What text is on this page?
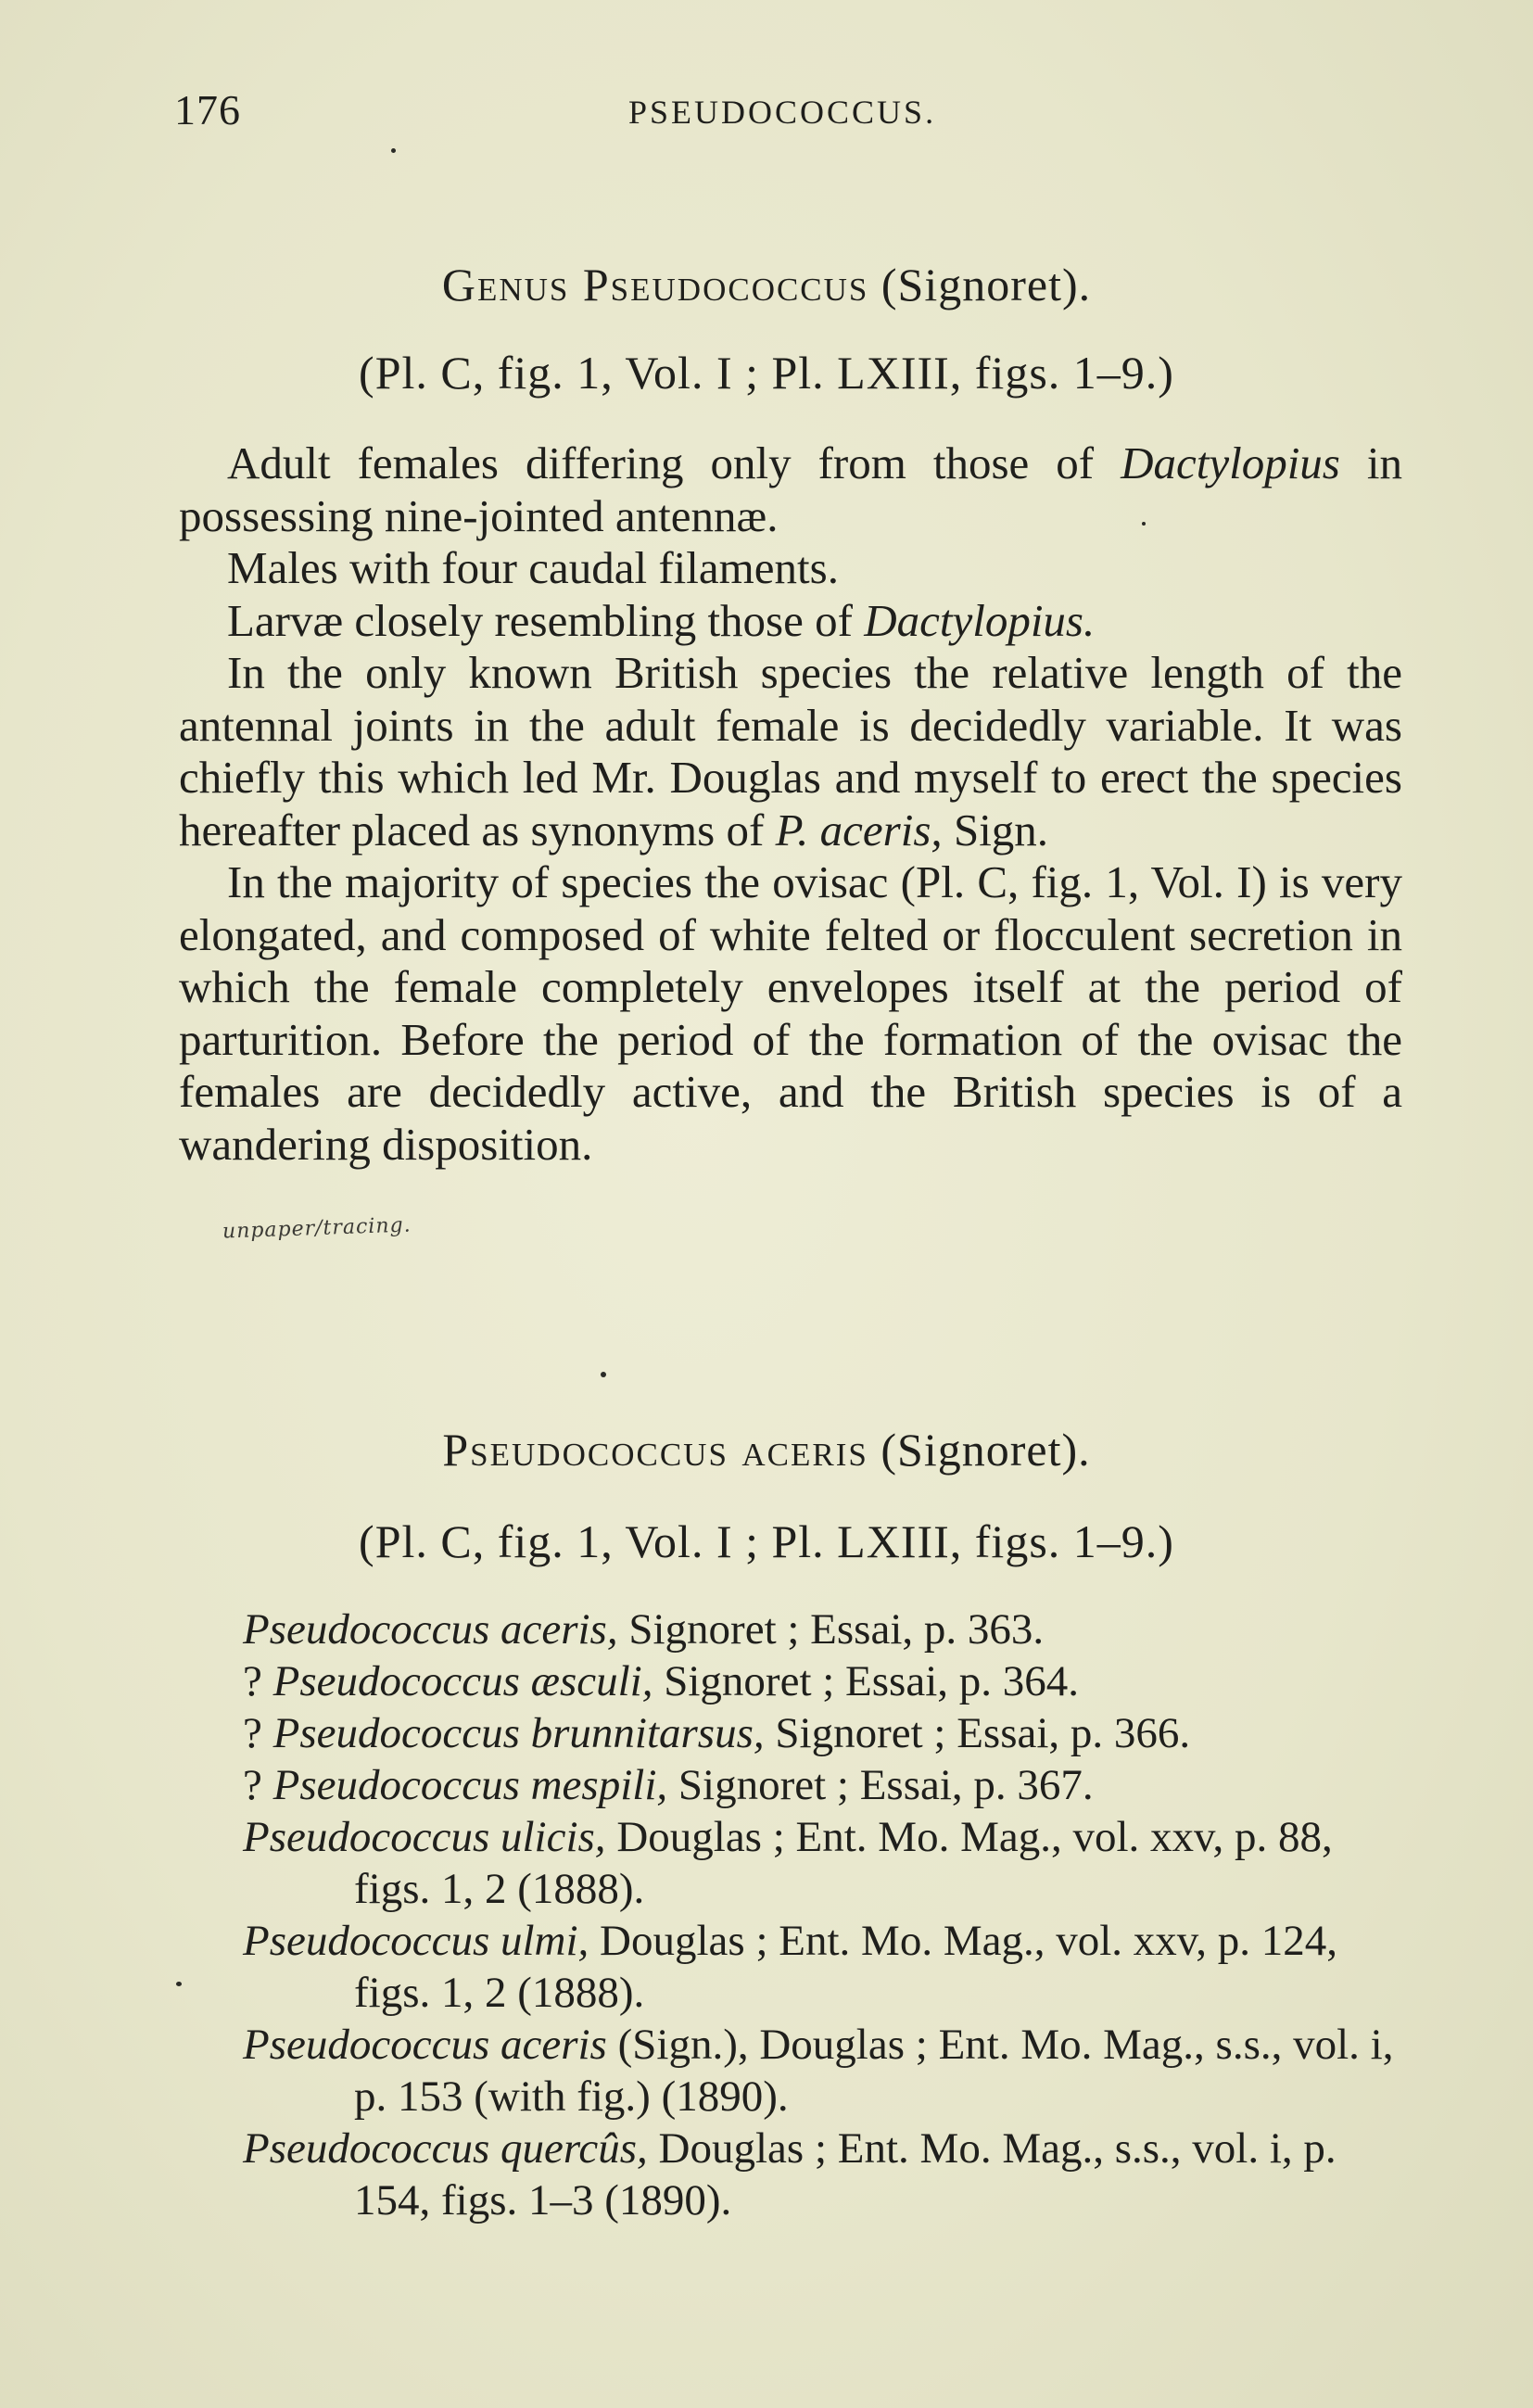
176	PSEUDOCOCCUS.
Genus Pseudococcus (Signoret).
(Pl. C, fig. 1, Vol. I ; Pl. LXIII, figs. 1–9.)

Adult females differing only from those of Dactylopius in possessing nine-jointed antennæ.

Males with four caudal filaments.

Larvæ closely resembling those of Dactylopius.

In the only known British species the relative length of the antennal joints in the adult female is decidedly variable. It was chiefly this which led Mr. Douglas and myself to erect the species hereafter placed as synonyms of P. aceris, Sign.

In the majority of species the ovisac (Pl. C, fig. 1, Vol. I) is very elongated, and composed of white felted or flocculent secretion in which the female completely envelopes itself at the period of parturition. Before the period of the formation of the ovisac the females are decidedly active, and the British species is of a wandering disposition.

unpaper/tracing.
Pseudococcus aceris (Signoret).
(Pl. C, fig. 1, Vol. I ; Pl. LXIII, figs. 1–9.)

Pseudococcus aceris, Signoret ; Essai, p. 363.

? Pseudococcus æsculi, Signoret ; Essai, p. 364.

? Pseudococcus brunnitarsus, Signoret ; Essai, p. 366.

? Pseudococcus mespili, Signoret ; Essai, p. 367.

Pseudococcus ulicis, Douglas ; Ent. Mo. Mag., vol. xxv, p. 88, figs. 1, 2 (1888).

Pseudococcus ulmi, Douglas ; Ent. Mo. Mag., vol. xxv, p. 124, figs. 1, 2 (1888).

Pseudococcus aceris (Sign.), Douglas ; Ent. Mo. Mag., s.s., vol. i, p. 153 (with fig.) (1890).

Pseudococcus quercûs, Douglas ; Ent. Mo. Mag., s.s., vol. i, p. 154, figs. 1–3 (1890).
